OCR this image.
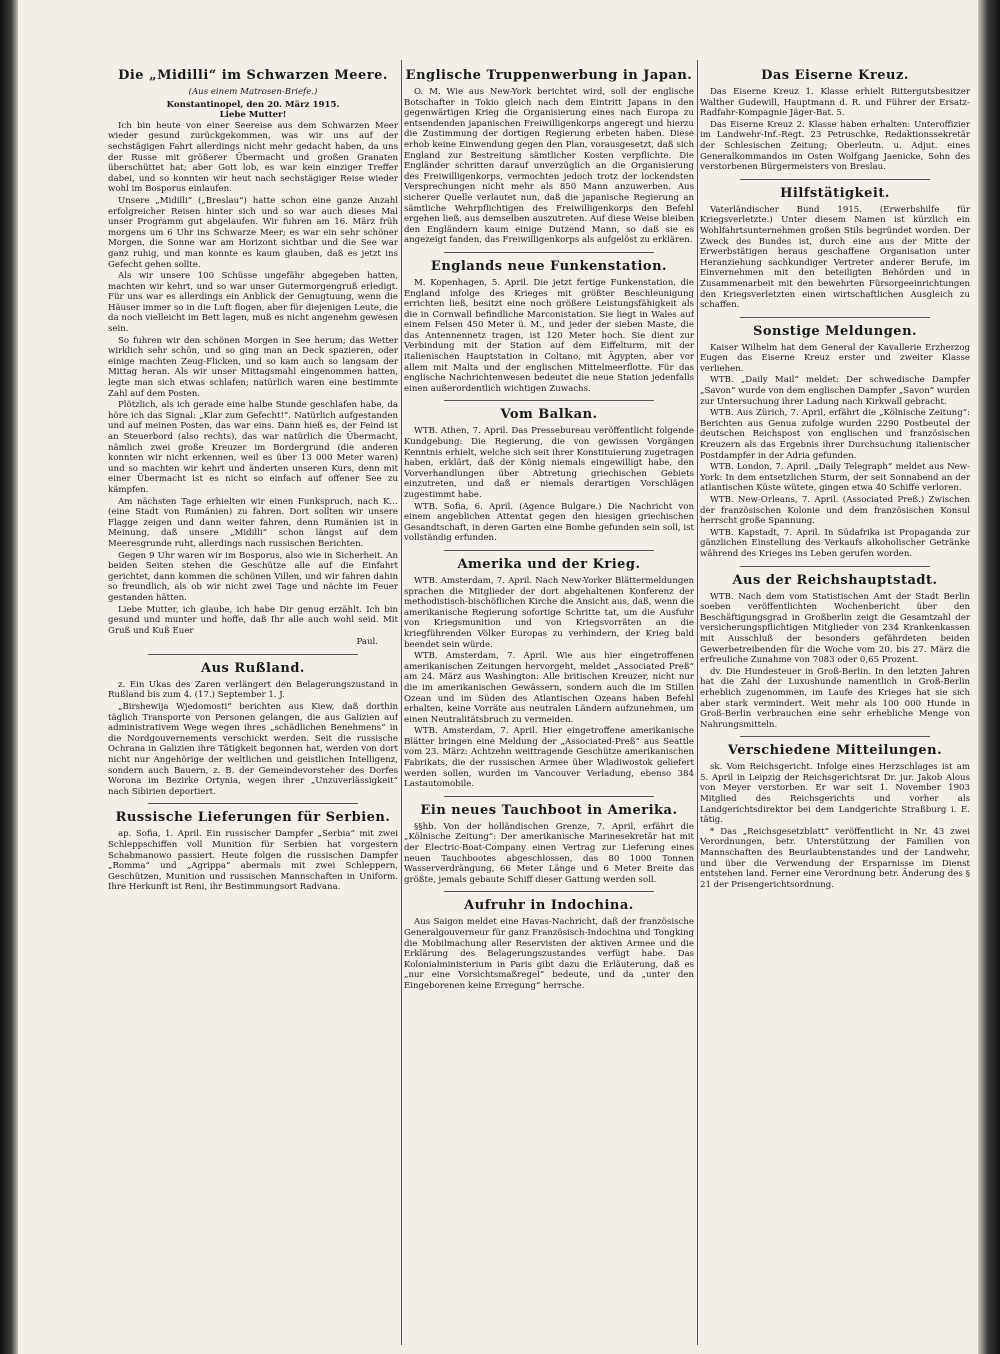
Die „Midilli“ im Schwarzen Meere.
(Aus einem Matrosen-Briefe.)
Konstantinopel, den 20. März 1915.
Liebe Mutter!

Ich bin heute von einer Seereise aus dem Schwarzen Meer wieder gesund zurückgekommen, was wir uns auf der sechstägigen Fahrt allerdings nicht mehr gedacht haben, da uns der Russe mit größerer Übermacht und großen Granaten überschüttet hat; aber Gott lob, es war kein einziger Treffer dabei, und so konnten wir heut nach sechstägiger Reise wieder wohl im Bosporus einlaufen.

Unsere „Midilli“ („Breslau“) hatte schon eine ganze Anzahl erfolgreicher Reisen hinter sich und so war auch dieses Mal unser Programm gut abgelaufen. Wir fuhren am 16. März früh morgens um 6 Uhr ins Schwarze Meer; es war ein sehr schöner Morgen, die Sonne war am Horizont sichtbar und die See war ganz ruhig, und man konnte es kaum glauben, daß es jetzt ins Gefecht gehen sollte.

Als wir unsere 100 Schüsse ungefähr abgegeben hatten, machten wir kehrt, und so war unser Gutermorgengruß erledigt. Für uns war es allerdings ein Anblick der Genugtuung, wenn die Häuser immer so in die Luft flogen, aber für diejenigen Leute, die da noch vielleicht im Bett lagen, muß es nicht angenehm gewesen sein.

So fuhren wir den schönen Morgen in See herum; das Wetter wirklich sehr schön, und so ging man an Deck spazieren, oder einige machten Zeug-Flicken, und so kam auch so langsam der Mittag heran. Als wir unser Mittagsmahl eingenommen hatten, legte man sich etwas schlafen; natürlich waren eine bestimmte Zahl auf dem Posten.

Plötzlich, als ich gerade eine halbe Stunde geschlafen habe, da höre ich das Signal: „Klar zum Gefecht!“. Natürlich aufgestanden und auf meinen Posten, das war eins. Dann hieß es, der Feind ist an Steuerbord (also rechts), das war natürlich die Übermacht, nämlich zwei große Kreuzer im Bordergrund (die anderen konnten wir nicht erkennen, weil es über 13 000 Meter waren) und so machten wir kehrt und änderten unseren Kurs, denn mit einer Übermacht ist es nicht so einfach auf offener See zu kämpfen.

Am nächsten Tage erhielten wir einen Funkspruch, nach K… (eine Stadt von Rumänien) zu fahren. Dort sollten wir unsere Flagge zeigen und dann weiter fahren, denn Rumänien ist in Meinung, daß unsere „Midilli“ schon längst auf dem Meeresgrunde ruht, allerdings nach russischen Berichten.

Gegen 9 Uhr waren wir im Bosporus, also wie in Sicherheit. An beiden Seiten stehen die Geschütze alle auf die Einfahrt gerichtet, dann kommen die schönen Villen, und wir fahren dahin so freundlich, als ob wir nicht zwei Tage und nächte im Feuer gestanden hätten.

Liebe Mutter, ich glaube, ich habe Dir genug erzählt. Ich bin gesund und munter und hoffe, daß Ihr alle auch wohl seid. Mit Gruß und Kuß Euer

Paul.
Aus Rußland.

z. Ein Ukas des Zaren verlängert den Belagerungszustand in Rußland bis zum 4. (17.) September 1. J.

„Birshewija Wjedomosti“ berichten aus Kiew, daß dorthin täglich Transporte von Personen gelangen, die aus Galizien auf administrativem Wege wegen ihres „schädlichen Benehmens“ in die Nordgouvernements verschickt werden. Seit die russische Ochrana in Galizien ihre Tätigkeit begonnen hat, werden von dort nicht nur Angehörige der weltlichen und geistlichen Intelligenz, sondern auch Bauern, z. B. der Gemeindevorsteher des Dorfes Worona im Bezirke Ortynia, wegen ihrer „Unzuverlässigkeit“ nach Sibirien deportiert.

Russische Lieferungen für Serbien.

ap. Sofia, 1. April. Ein russischer Dampfer „Serbia“ mit zwei Schleppschiffen voll Munition für Serbien hat vorgestern Schabmanowo passiert. Heute folgen die russischen Dampfer „Romma“ und „Agrippa“ abermals mit zwei Schleppern, Geschützen, Munition und russischen Mannschaften in Uniform. Ihre Herkunft ist Reni, ihr Bestimmungsort Radvana.

Englische Truppenwerbung in Japan.

O. M. Wie aus New-York berichtet wird, soll der englische Botschafter in Tokio gleich nach dem Eintritt Japans in den gegenwärtigen Krieg die Organisierung eines nach Europa zu entsendenden japanischen Freiwilligenkorps angeregt und hierzu die Zustimmung der dortigen Regierung erbeten haben. Diese erhob keine Einwendung gegen den Plan, vorausgesetzt, daß sich England zur Bestreitung sämtlicher Kosten verpflichte. Die Engländer schritten darauf unverzüglich an die Organisierung des Freiwilligenkorps, vermochten jedoch trotz der lockendsten Versprechungen nicht mehr als 850 Mann anzuwerben. Aus sicherer Quelle verlautet nun, daß die japanische Regierung an sämtliche Wehrpflichtigen des Freiwilligenkorps den Befehl ergehen ließ, aus demselben auszutreten. Auf diese Weise bleiben den Engländern kaum einige Dutzend Mann, so daß sie es angezeigt fanden, das Freiwilligenkorps als aufgelöst zu erklären.

Englands neue Funkenstation.

M. Kopenhagen, 5. April. Die jetzt fertige Funkenstation, die England infolge des Krieges mit größter Beschleunigung errichten ließ, besitzt eine noch größere Leistungsfähigkeit als die in Cornwall befindliche Marconistation. Sie liegt in Wales auf einem Felsen 450 Meter ü. M., und jeder der sieben Maste, die das Antennennetz tragen, ist 120 Meter hoch. Sie dient zur Verbindung mit der Station auf dem Eiffelturm, mit der italienischen Hauptstation in Coltano, mit Ägypten, aber vor allem mit Malta und der englischen Mittelmeerflotte. Für das englische Nachrichtenwesen bedeutet die neue Station jedenfalls einen außerordentlich wichtigen Zuwachs.

Vom Balkan.

WTB. Athen, 7. April. Das Pressebureau veröffentlicht folgende Kundgebung: Die Regierung, die von gewissen Vorgängen Kenntnis erhielt, welche sich seit ihrer Konstituierung zugetragen haben, erklärt, daß der König niemals eingewilligt habe, den Vorverhandlungen über Abtretung griechischen Gebiets einzutreten, und daß er niemals derartigen Vorschlägen zugestimmt habe.

WTB. Sofia, 6. April. (Agence Bulgare.) Die Nachricht von einem angeblichen Attentat gegen den hiesigen griechischen Gesandtschaft, in deren Garten eine Bombe gefunden sein soll, ist vollständig erfunden.

Amerika und der Krieg.

WTB. Amsterdam, 7. April. Nach New-Yorker Blättermeldungen sprachen die Mitglieder der dort abgehaltenen Konferenz der methodistisch-bischöflichen Kirche die Ansicht aus, daß, wenn die amerikanische Regierung sofortige Schritte tat, um die Ausfuhr von Kriegsmunition und von Kriegsvorräten an die kriegführenden Völker Europas zu verhindern, der Krieg bald beendet sein würde.

WTB. Amsterdam, 7. April. Wie aus hier eingetroffenen amerikanischen Zeitungen hervorgeht, meldet „Associated Preß“ am 24. März aus Washington: Alle britischen Kreuzer, nicht nur die im amerikanischen Gewässern, sondern auch die im Stillen Ozean und im Süden des Atlantischen Ozeans haben Befehl erhalten, keine Vorräte aus neutralen Ländern aufzunehmen, um einen Neutralitätsbruch zu vermeiden.

WTB. Amsterdam, 7. April. Hier eingetroffene amerikanische Blätter bringen eine Meldung der „Associated-Preß“ aus Seattle vom 23. März: Achtzehn weittragende Geschütze amerikanischen Fabrikats, die der russischen Armee über Wladiwostok geliefert werden sollen, wurden im Vancouver Verladung, ebenso 384 Lastautomobile.

Ein neues Tauchboot in Amerika.

§§hb. Von der holländischen Grenze, 7. April, erfährt die „Kölnische Zeitung“: Der amerikanische Marinesekretär hat mit der Electric-Boat-Company einen Vertrag zur Lieferung eines neuen Tauchbootes abgeschlossen, das 80 1000 Tonnen Wasserverdrängung, 66 Meter Länge und 6 Meter Breite das größte, jemals gebaute Schiff dieser Gattung werden soll.

Aufruhr in Indochina.

Aus Saigon meldet eine Havas-Nachricht, daß der französische Generalgouverneur für ganz Französisch-Indochina und Tongking die Mobilmachung aller Reservisten der aktiven Armee und die Erklärung des Belagerungszustandes verfügt habe. Das Kolonialministerium in Paris gibt dazu die Erläuterung, daß es „nur eine Vorsichtsmaßregel“ bedeute, und da „unter den Eingeborenen keine Erregung“ herrsche.

Das Eiserne Kreuz.

Das Eiserne Kreuz 1. Klasse erhielt Rittergutsbesitzer Walther Gudewill, Hauptmann d. R. und Führer der Ersatz-Radfahr-Kompagnie Jäger-Bat. 5.

Das Eiserne Kreuz 2. Klasse haben erhalten: Unteroffizier im Landwehr-Inf.-Regt. 23 Petruschke, Redaktionssekretär der Schlesischen Zeitung; Oberleutn. u. Adjut. eines Generalkommandos im Osten Wolfgang Jaenicke, Sohn des verstorbenen Bürgermeisters von Breslau.

Hilfstätigkeit.

Vaterländischer Bund 1915. (Erwerbshilfe für Kriegsverletzte.) Unter diesem Namen ist kürzlich ein Wohlfahrtsunternehmen großen Stils begründet worden. Der Zweck des Bundes ist, durch eine aus der Mitte der Erwerbstätigen heraus geschaffene Organisation unter Heranziehung sachkundiger Vertreter anderer Berufe, im Einvernehmen mit den beteiligten Behörden und in Zusammenarbeit mit den bewehrten Fürsorgeeinrichtungen den Kriegsverletzten einen wirtschaftlichen Ausgleich zu schaffen.

Sonstige Meldungen.

Kaiser Wilhelm hat dem General der Kavallerie Erzherzog Eugen das Eiserne Kreuz erster und zweiter Klasse verliehen.

WTB. „Daily Mail“ meldet: Der schwedische Dampfer „Savon“ wurde von dem englischen Dampfer „Savon“ wurden zur Untersuchung ihrer Ladung nach Kirkwall gebracht.

WTB. Aus Zürich, 7. April, erfährt die „Kölnische Zeitung“: Berichten aus Genua zufolge wurden 2290 Postbeutel der deutschen Reichspost von englischen und französischen Kreuzern als das Ergebnis ihrer Durchsuchung italienischer Postdampfer in der Adria gefunden.

WTB. London, 7. April. „Daily Telegraph“ meldet aus New-York: In dem entsetzlichen Sturm, der seit Sonnabend an der atlantischen Küste wütete, gingen etwa 40 Schiffe verloren.

WTB. New-Orleans, 7. April. (Associated Preß.) Zwischen der französischen Kolonie und dem französischen Konsul herrscht große Spannung.

WTB. Kapstadt, 7. April. In Südafrika ist Propaganda zur gänzlichen Einstellung des Verkaufs alkoholischer Getränke während des Krieges ins Leben gerufen worden.

Aus der Reichshauptstadt.

WTB. Nach dem vom Statistischen Amt der Stadt Berlin soeben veröffentlichten Wochenbericht über den Beschäftigungsgrad in Großberlin zeigt die Gesamtzahl der versicherungspflichtigen Mitglieder von 234 Krankenkassen mit Ausschluß der besonders gefährdeten beiden Gewerbetreibenden für die Woche vom 20. bis 27. März die erfreuliche Zunahme von 7083 oder 0,65 Prozent.

dv. Die Hundesteuer in Groß-Berlin. In den letzten Jahren hat die Zahl der Luxushunde namentlich in Groß-Berlin erheblich zugenommen, im Laufe des Krieges hat sie sich aber stark vermindert. Weit mehr als 100 000 Hunde in Groß-Berlin verbrauchen eine sehr erhebliche Menge von Nahrungsmitteln.

Verschiedene Mitteilungen.

sk. Vom Reichsgericht. Infolge eines Herzschlages ist am 5. April in Leipzig der Reichsgerichtsrat Dr. jur. Jakob Alous von Meyer verstorben. Er war seit 1. November 1903 Mitglied des Reichsgerichts und vorher als Landgerichtsdirektor bei dem Landgerichte Straßburg i. E. tätig.

* Das „Reichsgesetzblatt“ veröffentlicht in Nr. 43 zwei Verordnungen, betr. Unterstützung der Familien von Mannschaften des Beurlaubtenstandes und der Landwehr, und über die Verwendung der Ersparnisse im Dienst entstehen land. Ferner eine Verordnung betr. Änderung des § 21 der Prisengerichtsordnung.
